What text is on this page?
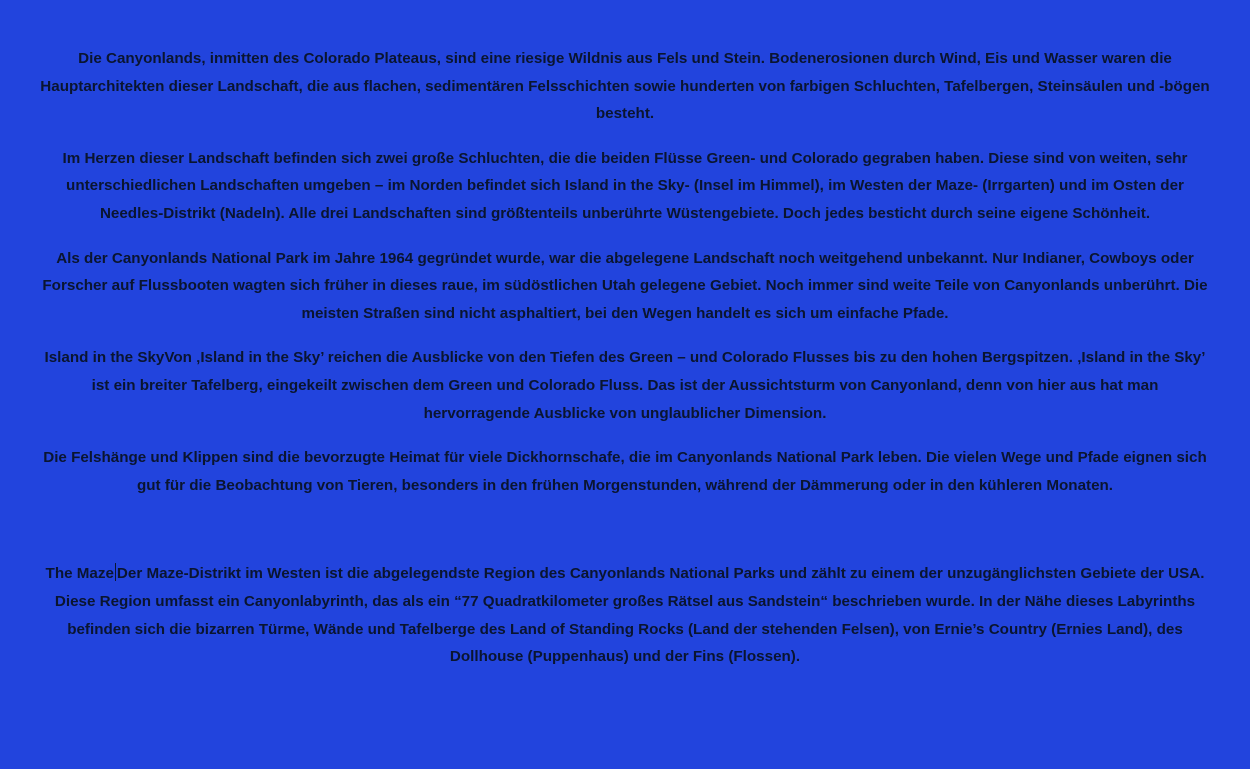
Die Canyonlands, inmitten des Colorado Plateaus, sind eine riesige Wildnis aus Fels und Stein. Bodenerosionen durch Wind, Eis und Wasser waren die Hauptarchitekten dieser Landschaft, die aus flachen, sedimentären Felsschichten sowie hunderten von farbigen Schluchten, Tafelbergen, Steinsäulen und -bögen besteht.

Im Herzen dieser Landschaft befinden sich zwei große Schluchten, die die beiden Flüsse Green- und Colorado gegraben haben. Diese sind von weiten, sehr unterschiedlichen Landschaften umgeben – im Norden befindet sich Island in the Sky- (Insel im Himmel), im Westen der Maze- (Irrgarten) und im Osten der Needles-Distrikt (Nadeln). Alle drei Landschaften sind größtenteils unberührte Wüstengebiete. Doch jedes besticht durch seine eigene Schönheit.

Als der Canyonlands National Park im Jahre 1964 gegründet wurde, war die abgelegene Landschaft noch weitgehend unbekannt. Nur Indianer, Cowboys oder Forscher auf Flussbooten wagten sich früher in dieses raue, im südöstlichen Utah gelegene Gebiet. Noch immer sind weite Teile von Canyonlands unberührt. Die meisten Straßen sind nicht asphaltiert, bei den Wegen handelt es sich um einfache Pfade.

Island in the SkyVon ‚Island in the Sky’ reichen die Ausblicke von den Tiefen des Green – und Colorado Flusses bis zu den hohen Bergspitzen. ‚Island in the Sky’ ist ein breiter Tafelberg, eingekeilt zwischen dem Green und Colorado Fluss. Das ist der Aussichtsturm von Canyonland, denn von hier aus hat man hervorragende Ausblicke von unglaublicher Dimension.

Die Felshänge und Klippen sind die bevorzugte Heimat für viele Dickhornschafe, die im Canyonlands National Park leben. Die vielen Wege und Pfade eignen sich gut für die Beobachtung von Tieren, besonders in den frühen Morgenstunden, während der Dämmerung oder in den kühleren Monaten.

The Maze Der Maze-Distrikt im Westen ist die abgelegendste Region des Canyonlands National Parks und zählt zu einem der unzugänglichsten Gebiete der USA. Diese Region umfasst ein Canyonlabyrinth, das als ein “77 Quadratkilometer großes Rätsel aus Sandstein“ beschrieben wurde. In der Nähe dieses Labyrinths befinden sich die bizarren Türme, Wände und Tafelberge des Land of Standing Rocks (Land der stehenden Felsen), von Ernie’s Country (Ernies Land), des Dollhouse (Puppenhaus) und der Fins (Flossen).
